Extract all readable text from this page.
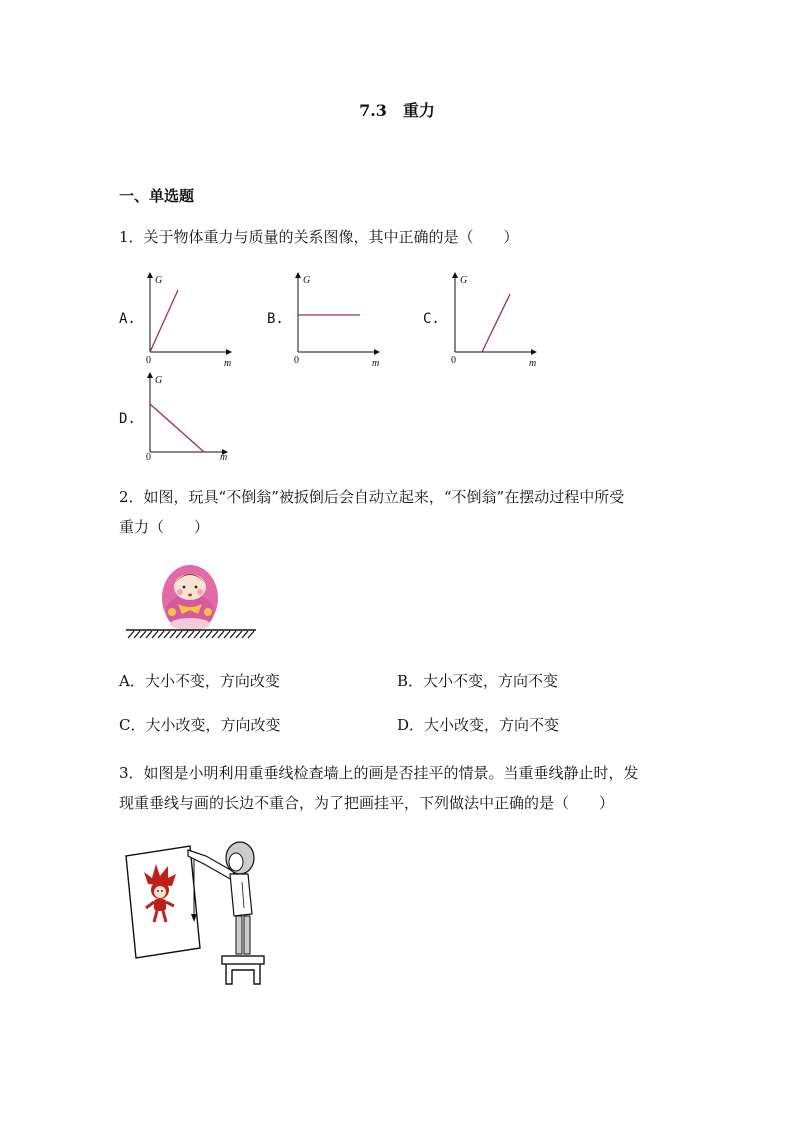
7.3　重力
一、单选题
1．关于物体重力与质量的关系图像，其中正确的是（　　）
A.
G
m
0
B.
G
m
0
C.
G
m
0
D.
G
m
0
2．如图，玩具“不倒翁”被扳倒后会自动立起来，“不倒翁”在摆动过程中所受
重力（　　）
A．大小不变，方向改变	B．大小不变，方向不变
C．大小改变，方向改变	D．大小改变，方向不变
3．如图是小明利用重垂线检查墙上的画是否挂平的情景。当重垂线静止时，发
现重垂线与画的长边不重合，为了把画挂平，下列做法中正确的是（　　）
